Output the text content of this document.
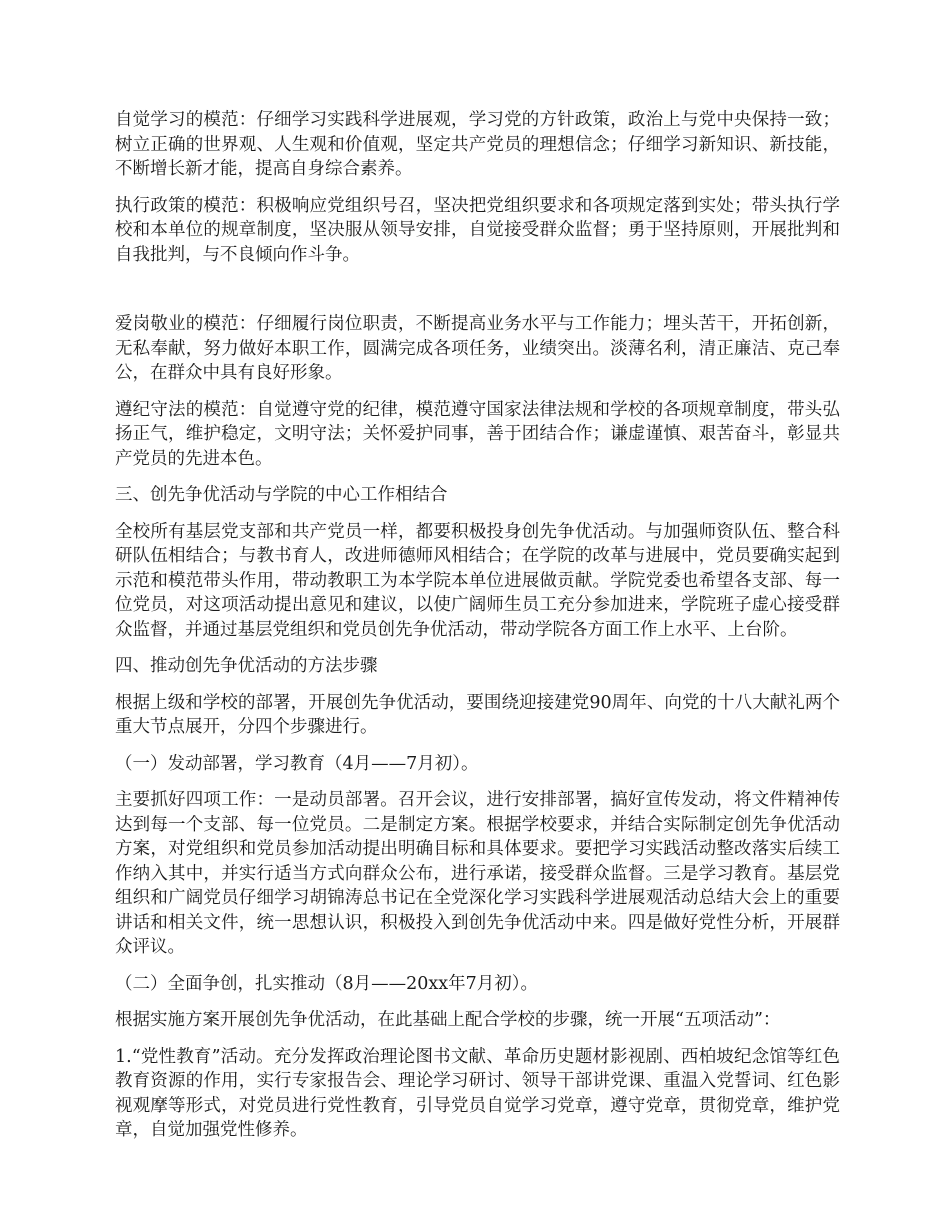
自觉学习的模范：仔细学习实践科学进展观，学习党的方针政策，政治上与党中央保持一致；树立正确的世界观、人生观和价值观，坚定共产党员的理想信念；仔细学习新知识、新技能，不断增长新才能，提高自身综合素养。

执行政策的模范：积极响应党组织号召，坚决把党组织要求和各项规定落到实处；带头执行学校和本单位的规章制度，坚决服从领导安排，自觉接受群众监督；勇于坚持原则，开展批判和自我批判，与不良倾向作斗争。

爱岗敬业的模范：仔细履行岗位职责，不断提高业务水平与工作能力；埋头苦干，开拓创新，无私奉献，努力做好本职工作，圆满完成各项任务，业绩突出。淡薄名利，清正廉洁、克己奉公，在群众中具有良好形象。

遵纪守法的模范：自觉遵守党的纪律，模范遵守国家法律法规和学校的各项规章制度，带头弘扬正气，维护稳定，文明守法；关怀爱护同事，善于团结合作；谦虚谨慎、艰苦奋斗，彰显共产党员的先进本色。

三、创先争优活动与学院的中心工作相结合

全校所有基层党支部和共产党员一样，都要积极投身创先争优活动。与加强师资队伍、整合科研队伍相结合；与教书育人，改进师德师风相结合；在学院的改革与进展中，党员要确实起到示范和模范带头作用，带动教职工为本学院本单位进展做贡献。学院党委也希望各支部、每一位党员，对这项活动提出意见和建议，以使广阔师生员工充分参加进来，学院班子虚心接受群众监督，并通过基层党组织和党员创先争优活动，带动学院各方面工作上水平、上台阶。

四、推动创先争优活动的方法步骤

根据上级和学校的部署，开展创先争优活动，要围绕迎接建党90周年、向党的十八大献礼两个重大节点展开，分四个步骤进行。

（一）发动部署，学习教育（4月——7月初）。

主要抓好四项工作：一是动员部署。召开会议，进行安排部署，搞好宣传发动，将文件精神传达到每一个支部、每一位党员。二是制定方案。根据学校要求，并结合实际制定创先争优活动方案，对党组织和党员参加活动提出明确目标和具体要求。要把学习实践活动整改落实后续工作纳入其中，并实行适当方式向群众公布，进行承诺，接受群众监督。三是学习教育。基层党组织和广阔党员仔细学习胡锦涛总书记在全党深化学习实践科学进展观活动总结大会上的重要讲话和相关文件，统一思想认识，积极投入到创先争优活动中来。四是做好党性分析，开展群众评议。

（二）全面争创，扎实推动（8月——20xx年7月初）。

根据实施方案开展创先争优活动，在此基础上配合学校的步骤，统一开展“五项活动”：

1.“党性教育”活动。充分发挥政治理论图书文献、革命历史题材影视剧、西柏坡纪念馆等红色教育资源的作用，实行专家报告会、理论学习研讨、领导干部讲党课、重温入党誓词、红色影视观摩等形式，对党员进行党性教育，引导党员自觉学习党章，遵守党章，贯彻党章，维护党章，自觉加强党性修养。
